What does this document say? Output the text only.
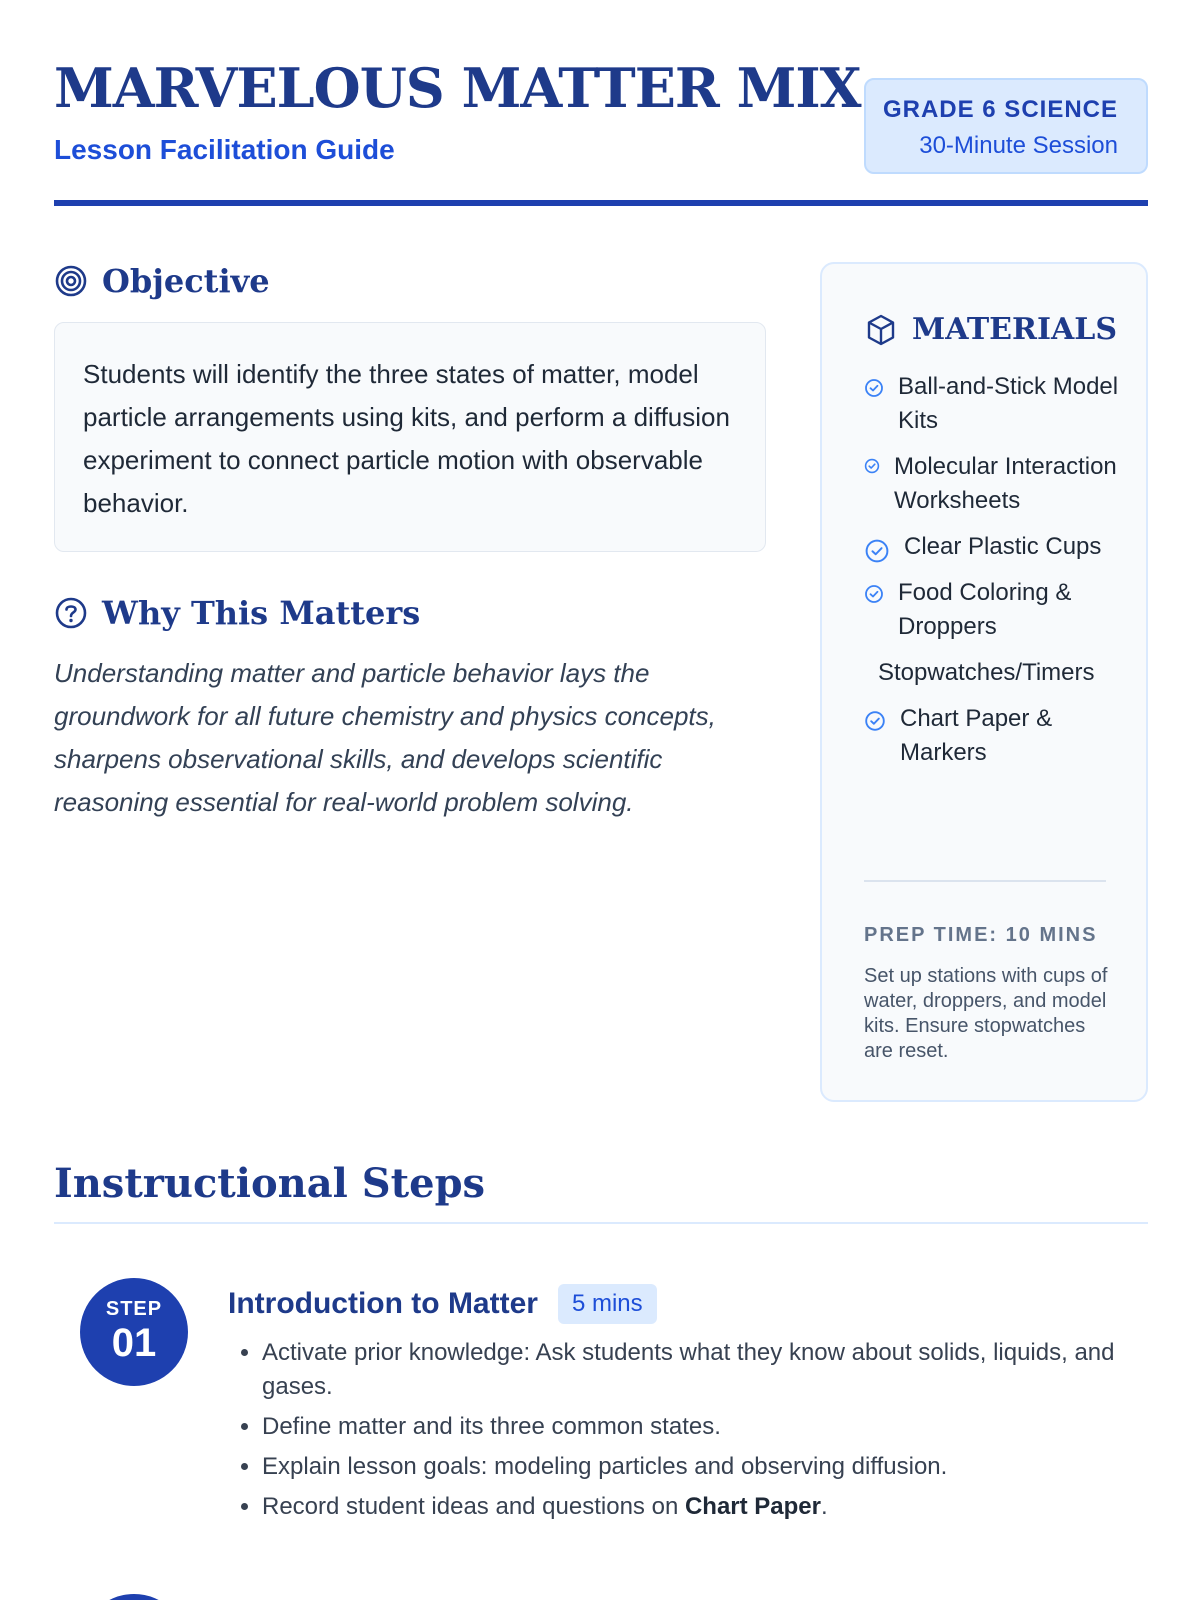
MARVELOUS MATTER MIX
Lesson Facilitation Guide
GRADE 6 SCIENCE
30-Minute Session
Objective
Students will identify the three states of matter, model particle arrangements using kits, and perform a diffusion experiment to connect particle motion with observable behavior.
Why This Matters
Understanding matter and particle behavior lays the groundwork for all future chemistry and physics concepts, sharpens observational skills, and develops scientific reasoning essential for real-world problem solving.
MATERIALS
Ball-and-Stick Model Kits
Molecular Interaction Worksheets
Clear Plastic Cups
Food Coloring & Droppers
Stopwatches/Timers
Chart Paper & Markers
PREP TIME: 10 MINS
Set up stations with cups of water, droppers, and model kits. Ensure stopwatches are reset.
Instructional Steps
STEP
01
Introduction to Matter	5 mins
• Activate prior knowledge: Ask students what they know about solids, liquids, and gases.
• Define matter and its three common states.
• Explain lesson goals: modeling particles and observing diffusion.
• Record student ideas and questions on Chart Paper.
